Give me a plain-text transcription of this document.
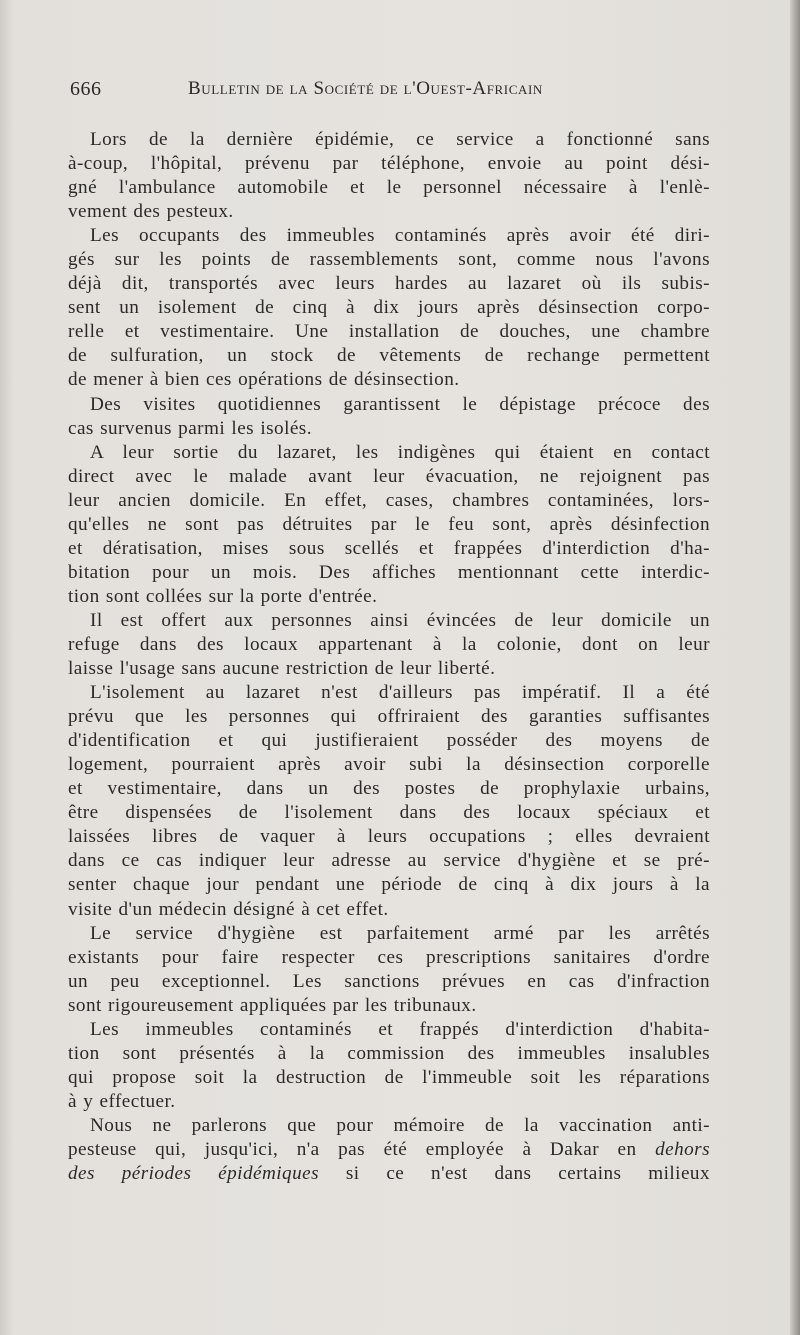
666	Bulletin de la Société de l'Ouest-Africain
Lors de la dernière épidémie, ce service a fonctionné sans
à-coup, l'hôpital, prévenu par téléphone, envoie au point dési-
gné l'ambulance automobile et le personnel nécessaire à l'enlè-
vement des pesteux.
Les occupants des immeubles contaminés après avoir été diri-
gés sur les points de rassemblements sont, comme nous l'avons
déjà dit, transportés avec leurs hardes au lazaret où ils subis-
sent un isolement de cinq à dix jours après désinsection corpo-
relle et vestimentaire. Une installation de douches, une chambre
de sulfuration, un stock de vêtements de rechange permettent
de mener à bien ces opérations de désinsection.
Des visites quotidiennes garantissent le dépistage précoce des
cas survenus parmi les isolés.
A leur sortie du lazaret, les indigènes qui étaient en contact
direct avec le malade avant leur évacuation, ne rejoignent pas
leur ancien domicile. En effet, cases, chambres contaminées, lors-
qu'elles ne sont pas détruites par le feu sont, après désinfection
et dératisation, mises sous scellés et frappées d'interdiction d'ha-
bitation pour un mois. Des affiches mentionnant cette interdic-
tion sont collées sur la porte d'entrée.
Il est offert aux personnes ainsi évincées de leur domicile un
refuge dans des locaux appartenant à la colonie, dont on leur
laisse l'usage sans aucune restriction de leur liberté.
L'isolement au lazaret n'est d'ailleurs pas impératif. Il a été
prévu que les personnes qui offriraient des garanties suffisantes
d'identification et qui justifieraient posséder des moyens de
logement, pourraient après avoir subi la désinsection corporelle
et vestimentaire, dans un des postes de prophylaxie urbains,
être dispensées de l'isolement dans des locaux spéciaux et
laissées libres de vaquer à leurs occupations ; elles devraient
dans ce cas indiquer leur adresse au service d'hygiène et se pré-
senter chaque jour pendant une période de cinq à dix jours à la
visite d'un médecin désigné à cet effet.
Le service d'hygiène est parfaitement armé par les arrêtés
existants pour faire respecter ces prescriptions sanitaires d'ordre
un peu exceptionnel. Les sanctions prévues en cas d'infraction
sont rigoureusement appliquées par les tribunaux.
Les immeubles contaminés et frappés d'interdiction d'habita-
tion sont présentés à la commission des immeubles insalubles
qui propose soit la destruction de l'immeuble soit les réparations
à y effectuer.
Nous ne parlerons que pour mémoire de la vaccination anti-
pesteuse qui, jusqu'ici, n'a pas été employée à Dakar en dehors
des périodes épidémiques si ce n'est dans certains milieux
